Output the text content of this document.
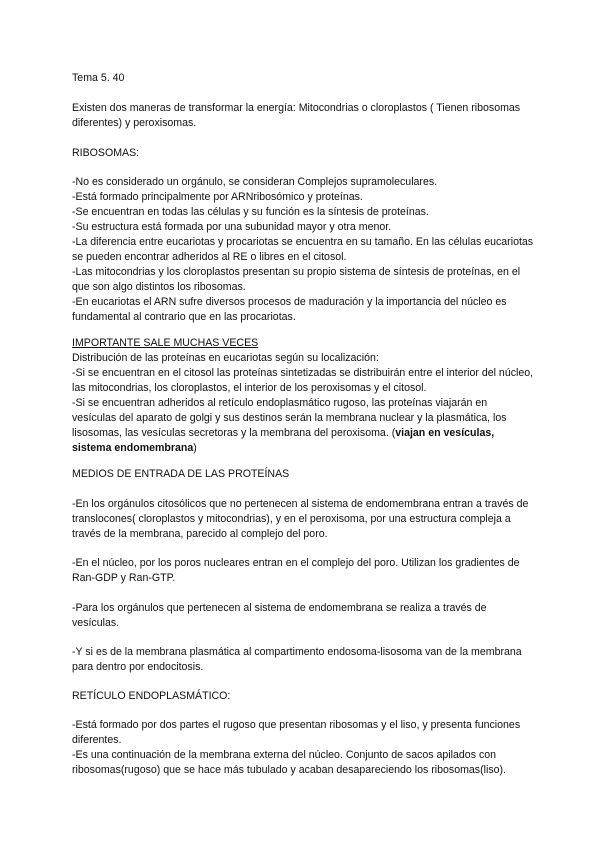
Tema 5. 40

Existen dos maneras de transformar la energía: Mitocondrias o cloroplastos ( Tienen ribosomas diferentes) y peroxisomas.

RIBOSOMAS:

-No es considerado un orgánulo, se consideran Complejos supramoleculares.

-Está formado principalmente por ARNribosómico y proteínas.

-Se encuentran en todas las células y su función es la síntesis de proteínas.

-Su estructura está formada por una subunidad mayor y otra menor.

-La diferencia entre eucariotas y procariotas se encuentra en su tamaño. En las células eucariotas se pueden encontrar adheridos al RE o libres en el citosol.

-Las mitocondrias y los cloroplastos presentan su propio sistema de síntesis de proteínas, en el que son algo distintos los ribosomas.

-En eucariotas el ARN sufre diversos procesos de maduración y la importancia del núcleo es fundamental al contrario que en las procariotas.

IMPORTANTE SALE MUCHAS VECES

Distribución de las proteínas en eucariotas según su localización:

-Si se encuentran en el citosol las proteínas sintetizadas se distribuirán entre el interior del núcleo, las mitocondrias, los cloroplastos, el interior de los peroxisomas y el citosol.

-Si se encuentran adheridos al retículo endoplasmático rugoso, las proteínas viajarán en vesículas del aparato de golgi y sus destinos serán la membrana nuclear y la plasmática, los lisosomas, las vesículas secretoras y la membrana del peroxisoma. (viajan en vesículas, sistema endomembrana)

MEDIOS DE ENTRADA DE LAS PROTEÍNAS

-En los orgánulos citosólicos que no pertenecen al sistema de endomembrana entran a través de translocones( cloroplastos y mitocondrias), y en el peroxisoma, por una estructura compleja a través de la membrana, parecido al complejo del poro.

-En el núcleo, por los poros nucleares entran en el complejo del poro. Utilizan los gradientes de Ran-GDP y Ran-GTP.

-Para los orgánulos que pertenecen al sistema de endomembrana se realiza a través de vesículas.

-Y si es de la membrana plasmática al compartimento endosoma-lisosoma van de la membrana para dentro por endocitosis.

RETÍCULO ENDOPLASMÁTICO:

-Está formado por dos partes el rugoso que presentan ribosomas y el liso, y presenta funciones diferentes.

-Es una continuación de la membrana externa del núcleo. Conjunto de sacos apilados con ribosomas(rugoso) que se hace más tubulado y acaban desapareciendo los ribosomas(liso).
